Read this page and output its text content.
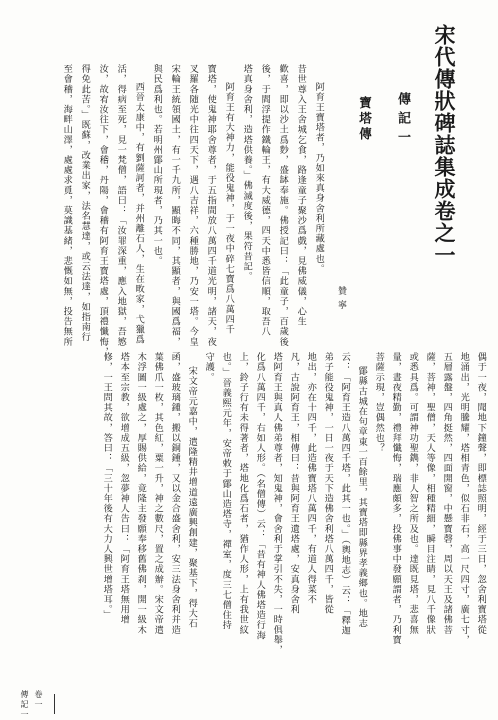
宋代傳狀碑誌集成卷之一
傳記一
寶塔傳
贊寧
阿育王寶塔者，乃如來真身舍利所藏處也。
昔世尊入王舍城乞食，路逢童子聚沙爲戲，見佛威儀，心生
歡喜，即以沙土爲麨，盛缽奉施。佛授記曰：「此童子，百歲後
後，于閻浮提作鐵輪王，有大威德，四天中悉皆信順，取吾八
塔真身舍利，造塔供養。」佛滅度後，果符昔記。
阿育王有大神力，能役鬼神，于一夜中碎七寶爲八萬四千
寶塔，使鬼神耶舍尊者，于五指間放八萬四千道光明，諸天，夜
叉羅各随光中往四天下，遇八吉祥，六種勝地，乃安一塔。今皇
宋輪王統領國土，有一千九所，顯晦不同，其顯者，與國爲福，
與民爲利也。若明州鄮山所現者，乃其一也。
西晉太康中，有劉薩訶者，并州離石人，生在畋家，弋獵爲
活，得病至死，見一梵僧，語曰：「汝罪深重，應入地獄，吾慜
汝，故宥汝往下，會稽，丹陽，會稽有阿育王寶塔處，頂禮懺悔，
得免此苦。」既蘇，改業出家，法名慧達，或云法達，如指南行
至會稽，海畔山澤，處處求覓，莫識基緒，悲慨如無，投告無所
卷一
傳記一
偶于一夜，聞地下鐘聲，即標誌照明，經于三日，忽舍利寶塔從
地涌出，光明騰耀，塔相青色，似石非石，高一尺四寸，廣七寸，
五層露盤，四角挺然，四面開窗，中懸寶磬，周以天王及諸佛菩
薩，菩神，聖僧，天人等像，相種精細，瞬目注睛，見八千像狀
或悉具爲。可謂神功聖鐫，非人智之所及也。達既見塔，悲喜無
量，晝夜精勤，禮拜懺悔，瑞應頗多，投佛事中發願謂者，乃利寶
菩薩示現，豈偶然也？
鄮縣古城在句章東一百餘里，其寶塔即縣界孝義鄉也。地志
云：「阿育王造八萬四千塔，此其一也。」（輿地志）云：「釋迦
弟子能役鬼神，一日一夜于天下造佛舍利塔八萬四千，皆從
地出，亦在十四千，此造佛寶塔八萬四千，有道人得菜不
凡，古說阿育王，相傳曰：昔與阿育王遺塔處，安真身舍利
塔阿育王與真人佛弟尊者，知鬼神，會舍利于掌引不失，一時俱舉，
化爲八萬四千，右如人形。（名僧傳）云：「昔有神人佛塔造行海
上，鈴子行有未得著者，塔地化爲石者，猶作人形，上有我世紋
也。」晉義熙元年，安帝敕于鄮山造塔寺，禪室，度三七僧住持
守護。
宋文帝元嘉中，遣隆精井增道遠廣興創建，聚基下，得大石
函，盛玻璃鍾，搬以銅鍾，又以金合盛舍利，安三法身舍利并造
葉佛爪一枚，其色紅，粟一升，神之數尺，置之成辦。宋文帝遣
木浮圖一級處之，厚賜供給，竟隆主發願奉移舊佛刹，開一級木
塔本至宗教，欲增成五級，忽夢神人告曰：「阿育王塔無用增
修，一王問其故，答曰：「三十年後有大力人興世增塔耳。」
